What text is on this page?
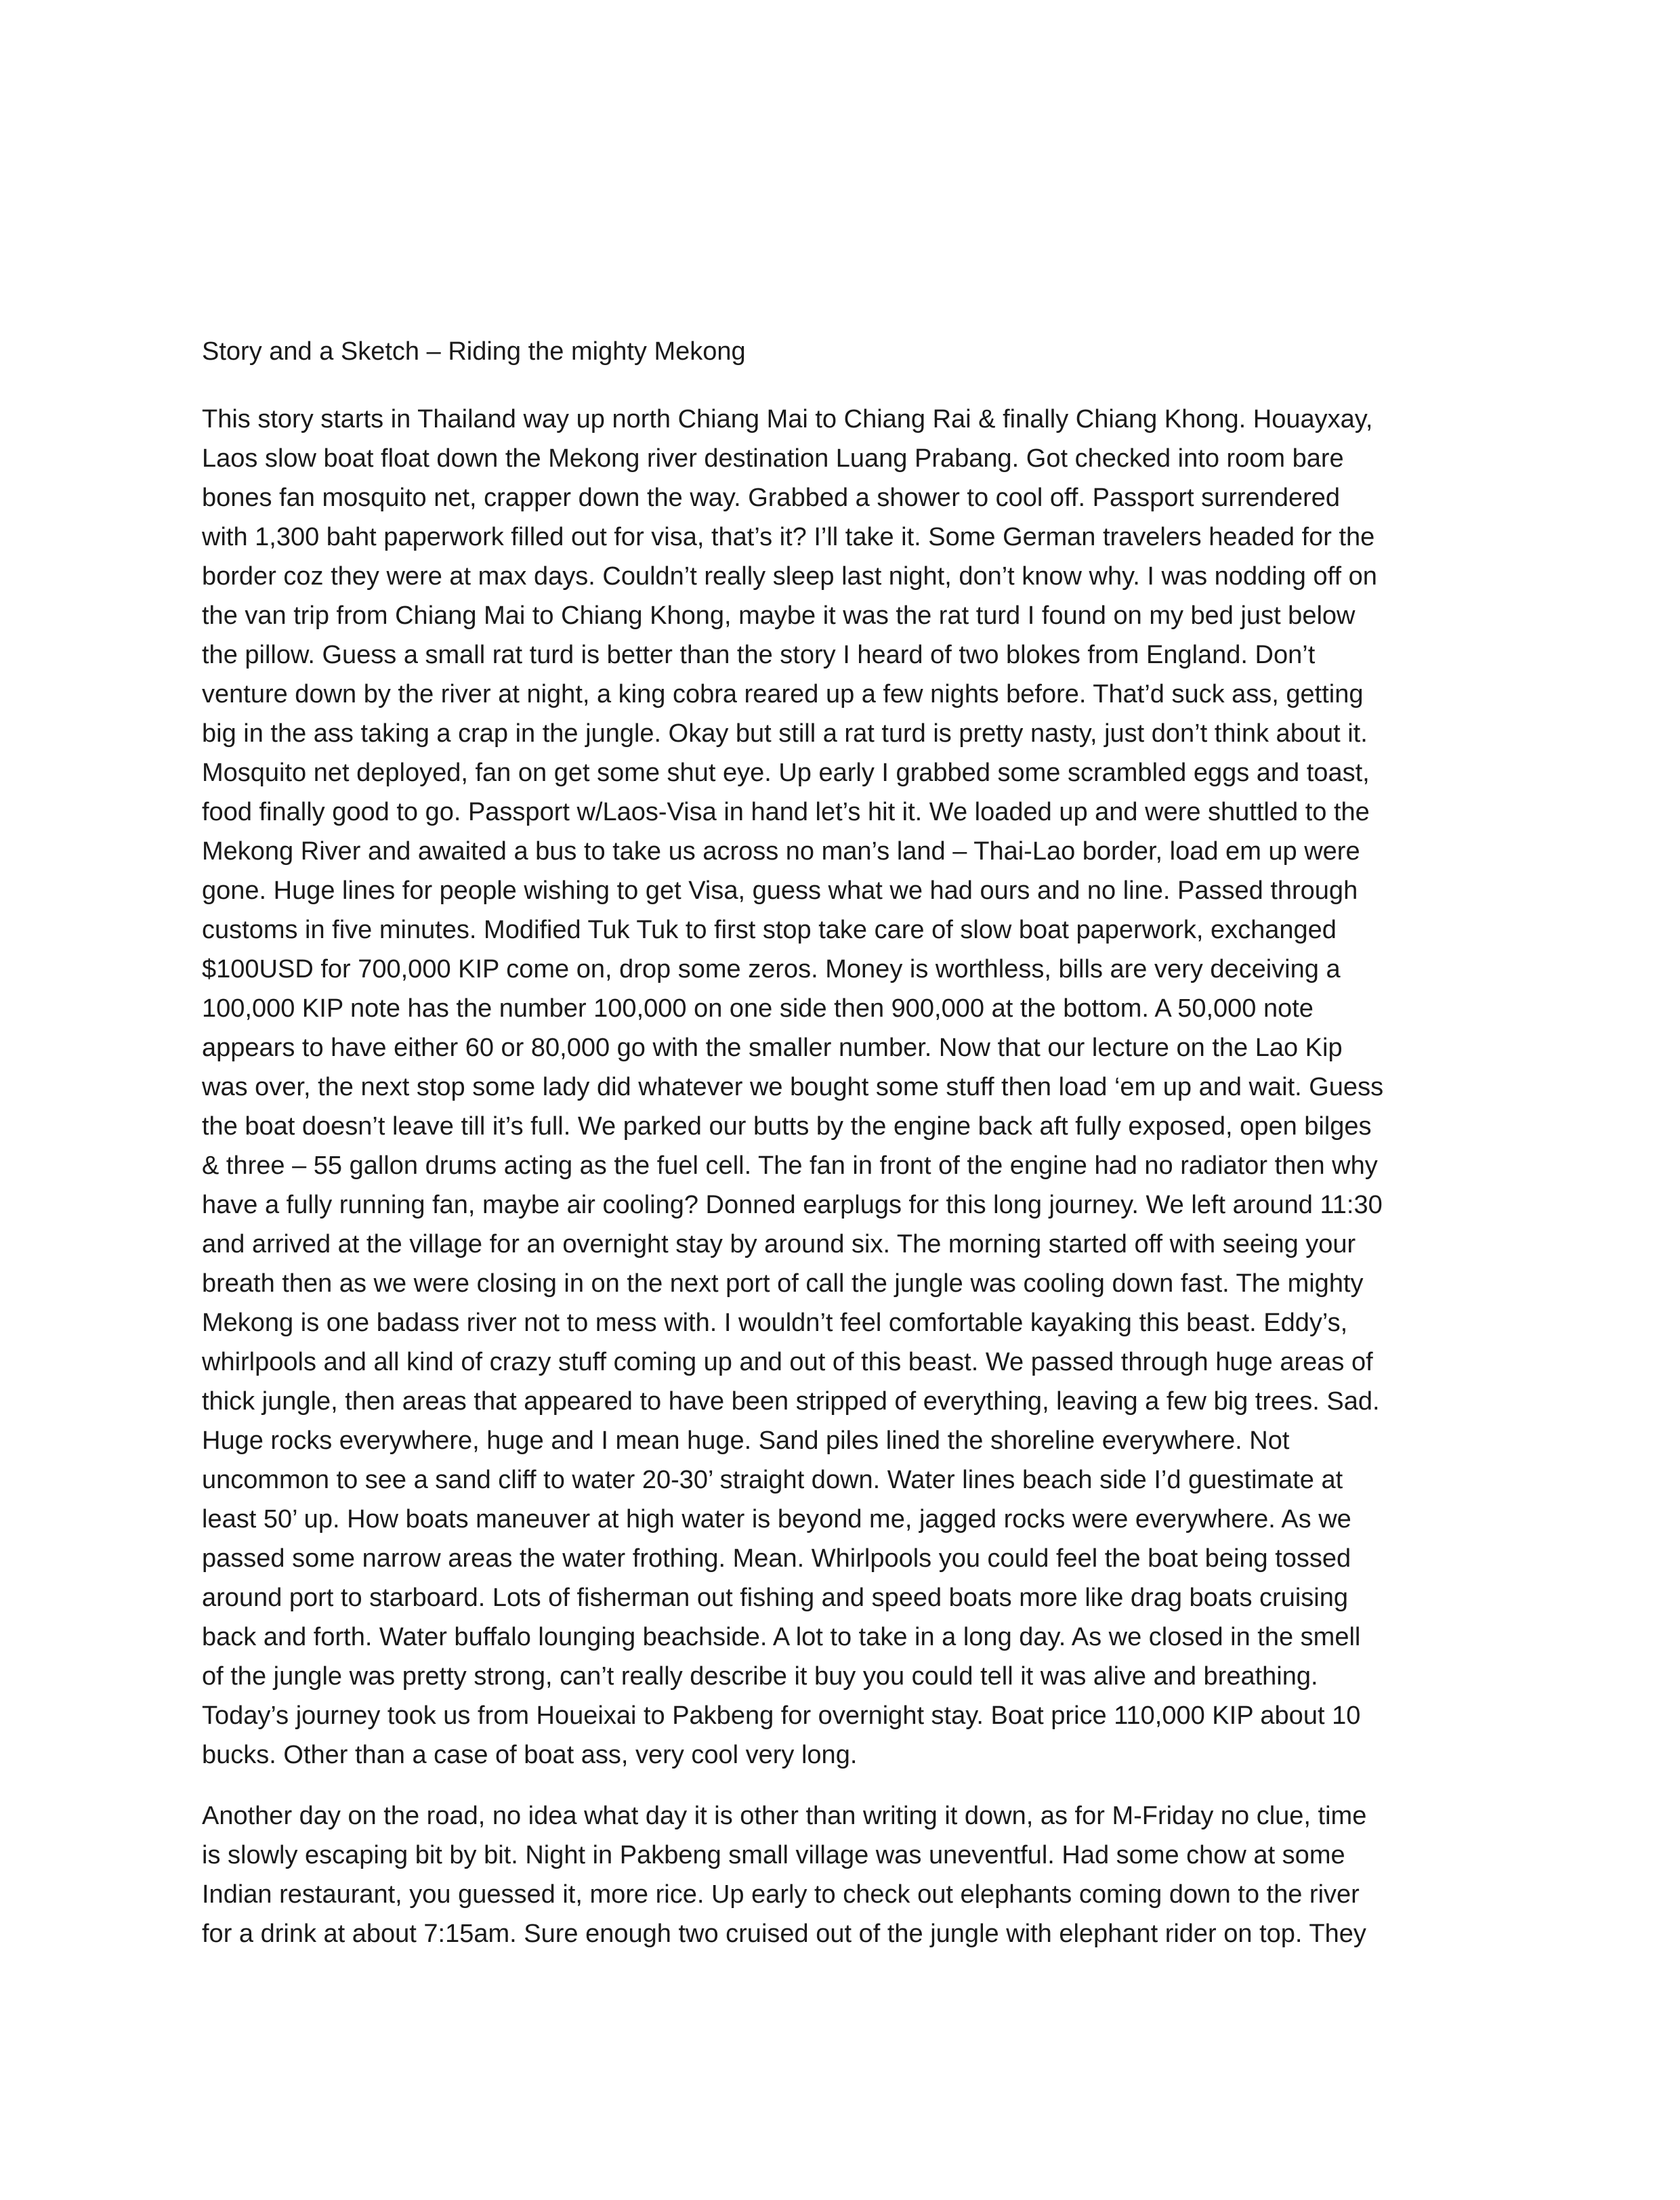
Story and a Sketch – Riding the mighty Mekong
This story starts in Thailand way up north Chiang Mai to Chiang Rai & finally Chiang Khong. Houayxay,
Laos slow boat float down the Mekong river destination Luang Prabang. Got checked into room bare
bones fan mosquito net, crapper down the way. Grabbed a shower to cool off. Passport surrendered
with 1,300 baht paperwork filled out for visa, that’s it? I’ll take it. Some German travelers headed for the
border coz they were at max days. Couldn’t really sleep last night, don’t know why. I was nodding off on
the van trip from Chiang Mai to Chiang Khong, maybe it was the rat turd I found on my bed just below
the pillow. Guess a small rat turd is better than the story I heard of two blokes from England. Don’t
venture down by the river at night, a king cobra reared up a few nights before. That’d suck ass, getting
big in the ass taking a crap in the jungle. Okay but still a rat turd is pretty nasty, just don’t think about it.
Mosquito net deployed, fan on get some shut eye. Up early I grabbed some scrambled eggs and toast,
food finally good to go. Passport w/Laos-Visa in hand let’s hit it. We loaded up and were shuttled to the
Mekong River and awaited a bus to take us across no man’s land – Thai-Lao border, load em up were
gone. Huge lines for people wishing to get Visa, guess what we had ours and no line. Passed through
customs in five minutes. Modified Tuk Tuk to first stop take care of slow boat paperwork, exchanged
$100USD for 700,000 KIP come on, drop some zeros. Money is worthless, bills are very deceiving a
100,000 KIP note has the number 100,000 on one side then 900,000 at the bottom. A 50,000 note
appears to have either 60 or 80,000 go with the smaller number. Now that our lecture on the Lao Kip
was over, the next stop some lady did whatever we bought some stuff then load ‘em up and wait. Guess
the boat doesn’t leave till it’s full. We parked our butts by the engine back aft fully exposed, open bilges
& three – 55 gallon drums acting as the fuel cell. The fan in front of the engine had no radiator then why
have a fully running fan, maybe air cooling? Donned earplugs for this long journey. We left around 11:30
and arrived at the village for an overnight stay by around six. The morning started off with seeing your
breath then as we were closing in on the next port of call the jungle was cooling down fast. The mighty
Mekong is one badass river not to mess with. I wouldn’t feel comfortable kayaking this beast. Eddy’s,
whirlpools and all kind of crazy stuff coming up and out of this beast. We passed through huge areas of
thick jungle, then areas that appeared to have been stripped of everything, leaving a few big trees. Sad.
Huge rocks everywhere, huge and I mean huge. Sand piles lined the shoreline everywhere. Not
uncommon to see a sand cliff to water 20-30’ straight down. Water lines beach side I’d guestimate at
least 50’ up. How boats maneuver at high water is beyond me, jagged rocks were everywhere. As we
passed some narrow areas the water frothing. Mean. Whirlpools you could feel the boat being tossed
around port to starboard. Lots of fisherman out fishing and speed boats more like drag boats cruising
back and forth. Water buffalo lounging beachside. A lot to take in a long day. As we closed in the smell
of the jungle was pretty strong, can’t really describe it buy you could tell it was alive and breathing.
Today’s journey took us from Houeixai to Pakbeng for overnight stay. Boat price 110,000 KIP about 10
bucks. Other than a case of boat ass, very cool very long.
Another day on the road, no idea what day it is other than writing it down, as for M-Friday no clue, time
is slowly escaping bit by bit. Night in Pakbeng small village was uneventful. Had some chow at some
Indian restaurant, you guessed it, more rice. Up early to check out elephants coming down to the river
for a drink at about 7:15am. Sure enough two cruised out of the jungle with elephant rider on top. They
